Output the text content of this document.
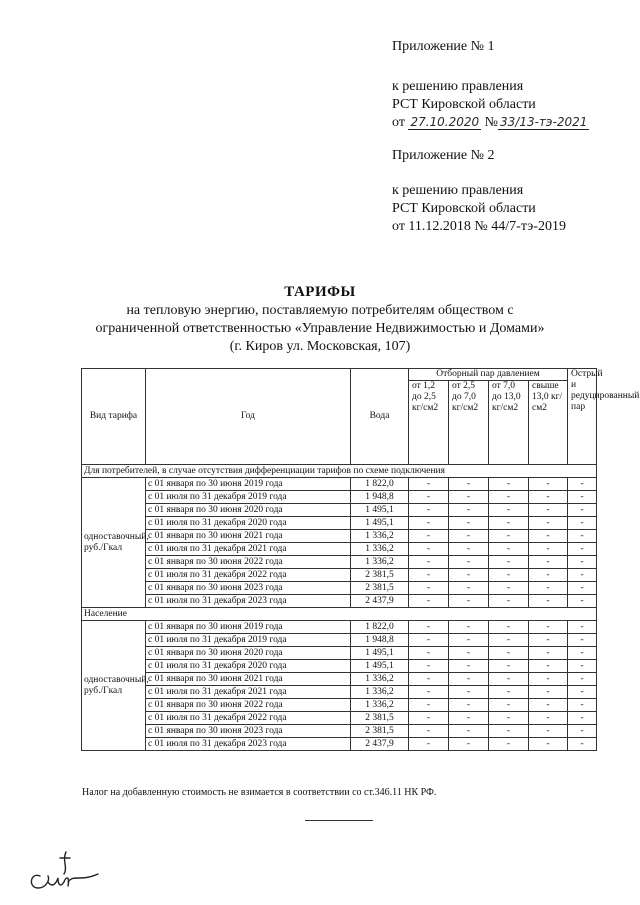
Приложение № 1
к решению правления
РСТ Кировской области
от 27.10.2020 № 33/13-тэ-2021
Приложение № 2
к решению правления
РСТ Кировской области
от 11.12.2018 № 44/7-тэ-2019
ТАРИФЫ
на тепловую энергию, поставляемую потребителям обществом с
ограниченной ответственностью «Управление Недвижимостью и Домами»
(г. Киров ул. Московская, 107)
Вид тарифа	Год	Вода	Отборный пар давлением				Острый и редуцированный пар
			от 1,2 до 2,5 кг/см2	от 2,5 до 7,0 кг/см2	от 7,0 до 13,0 кг/см2	свыше 13,0 кг/см2	
Для потребителей, в случае отсутствия дифференциации тарифов по схеме подключения							
одноставочный, руб./Гкал	с 01 января по 30 июня 2019 года	1 822,0	-	-	-	-	-
	с 01 июля по 31 декабря 2019 года	1 948,8	-	-	-	-	-
	с 01 января по 30 июня 2020 года	1 495,1	-	-	-	-	-
	с 01 июля по 31 декабря 2020 года	1 495,1	-	-	-	-	-
	с 01 января по 30 июня 2021 года	1 336,2	-	-	-	-	-
	с 01 июля по 31 декабря 2021 года	1 336,2	-	-	-	-	-
	с 01 января по 30 июня 2022 года	1 336,2	-	-	-	-	-
	с 01 июля по 31 декабря 2022 года	2 381,5	-	-	-	-	-
	с 01 января по 30 июня 2023 года	2 381,5	-	-	-	-	-
	с 01 июля по 31 декабря 2023 года	2 437,9	-	-	-	-	-
Население							
одноставочный, руб./Гкал	с 01 января по 30 июня 2019 года	1 822,0	-	-	-	-	-
	с 01 июля по 31 декабря 2019 года	1 948,8	-	-	-	-	-
	с 01 января по 30 июня 2020 года	1 495,1	-	-	-	-	-
	с 01 июля по 31 декабря 2020 года	1 495,1	-	-	-	-	-
	с 01 января по 30 июня 2021 года	1 336,2	-	-	-	-	-
	с 01 июля по 31 декабря 2021 года	1 336,2	-	-	-	-	-
	с 01 января по 30 июня 2022 года	1 336,2	-	-	-	-	-
	с 01 июля по 31 декабря 2022 года	2 381,5	-	-	-	-	-
	с 01 января по 30 июня 2023 года	2 381,5	-	-	-	-	-
	с 01 июля по 31 декабря 2023 года	2 437,9	-	-	-	-	-
Налог на добавленную стоимость не взимается в соответствии со ст.346.11 НК РФ.
